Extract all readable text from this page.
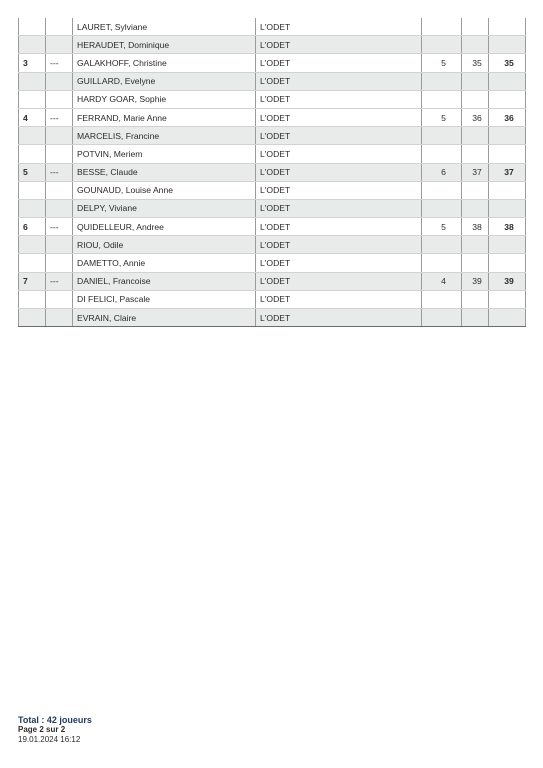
		LAURET, Sylviane	L'ODET			
		HERAUDET, Dominique	L'ODET			
3	---	GALAKHOFF, Christine	L'ODET	5	35	35
		GUILLARD, Evelyne	L'ODET			
		HARDY GOAR, Sophie	L'ODET			
4	---	FERRAND, Marie Anne	L'ODET	5	36	36
		MARCELIS, Francine	L'ODET			
		POTVIN, Meriem	L'ODET			
5	---	BESSE, Claude	L'ODET	6	37	37
		GOUNAUD, Louise Anne	L'ODET			
		DELPY, Viviane	L'ODET			
6	---	QUIDELLEUR, Andree	L'ODET	5	38	38
		RIOU, Odile	L'ODET			
		DAMETTO, Annie	L'ODET			
7	---	DANIEL, Francoise	L'ODET	4	39	39
		DI FELICI, Pascale	L'ODET			
		EVRAIN, Claire	L'ODET			
Total : 42 joueurs
Page 2 sur 2
19.01.2024 16:12
